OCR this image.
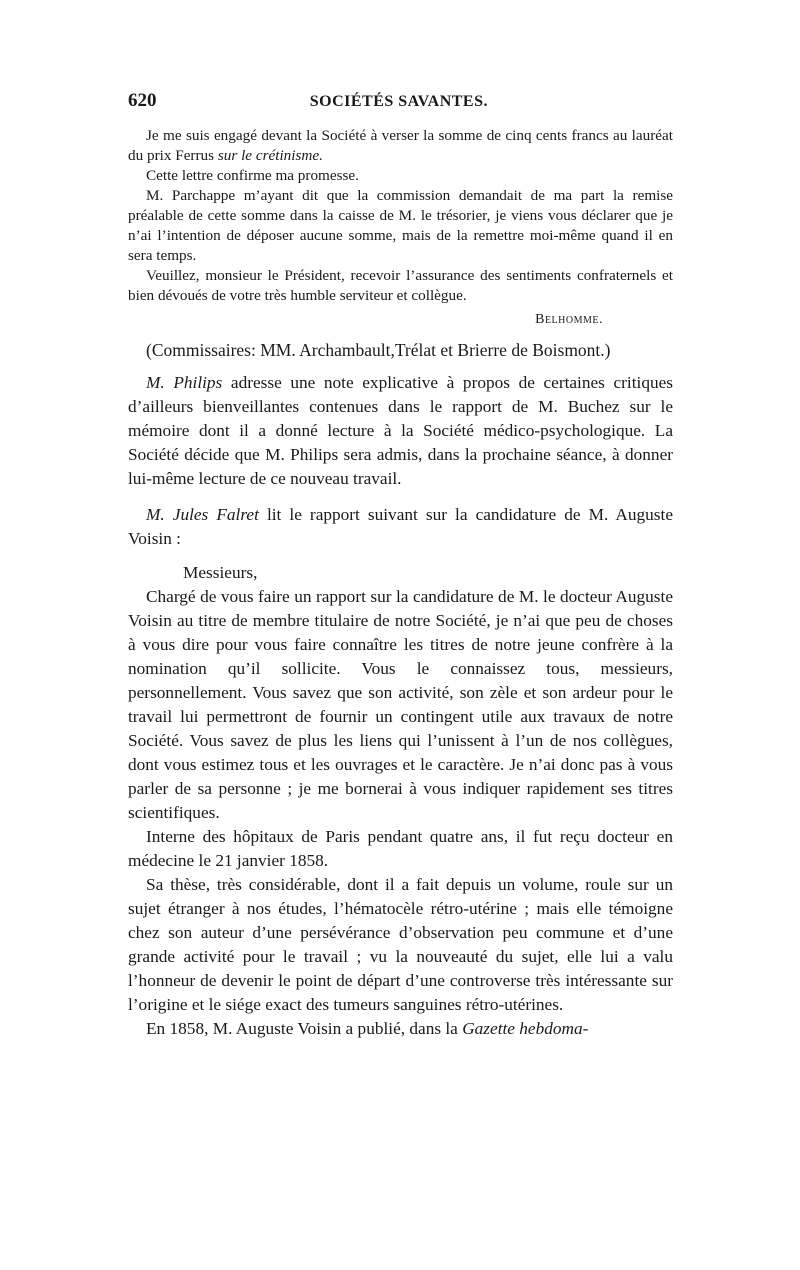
620	SOCIÉTÉS SAVANTES.

Je me suis engagé devant la Société à verser la somme de cinq cents francs au lauréat du prix Ferrus sur le crétinisme.

Cette lettre confirme ma promesse.

M. Parchappe m’ayant dit que la commission demandait de ma part la remise préalable de cette somme dans la caisse de M. le trésorier, je viens vous déclarer que je n’ai l’intention de déposer aucune somme, mais de la remettre moi-même quand il en sera temps.

Veuillez, monsieur le Président, recevoir l’assurance des sentiments confraternels et bien dévoués de votre très humble serviteur et collègue.

Belhomme.
(Commissaires: MM. Archambault,Trélat et Brierre de Boismont.)

M. Philips adresse une note explicative à propos de certaines critiques d’ailleurs bienveillantes contenues dans le rapport de M. Buchez sur le mémoire dont il a donné lecture à la Société médico-psychologique. La Société décide que M. Philips sera admis, dans la prochaine séance, à donner lui-même lecture de ce nouveau travail.

M. Jules Falret lit le rapport suivant sur la candidature de M. Auguste Voisin :

Messieurs,

Chargé de vous faire un rapport sur la candidature de M. le docteur Auguste Voisin au titre de membre titulaire de notre Société, je n’ai que peu de choses à vous dire pour vous faire connaître les titres de notre jeune confrère à la nomination qu’il sollicite. Vous le connaissez tous, messieurs, personnellement. Vous savez que son activité, son zèle et son ardeur pour le travail lui permettront de fournir un contingent utile aux travaux de notre Société. Vous savez de plus les liens qui l’unissent à l’un de nos collègues, dont vous estimez tous et les ouvrages et le caractère. Je n’ai donc pas à vous parler de sa personne ; je me bornerai à vous indiquer rapidement ses titres scientifiques.

Interne des hôpitaux de Paris pendant quatre ans, il fut reçu docteur en médecine le 21 janvier 1858.

Sa thèse, très considérable, dont il a fait depuis un volume, roule sur un sujet étranger à nos études, l’hématocèle rétro-utérine ; mais elle témoigne chez son auteur d’une persévérance d’observation peu commune et d’une grande activité pour le travail ; vu la nouveauté du sujet, elle lui a valu l’honneur de devenir le point de départ d’une controverse très intéressante sur l’origine et le siége exact des tumeurs sanguines rétro-utérines.

En 1858, M. Auguste Voisin a publié, dans la Gazette hebdoma-
